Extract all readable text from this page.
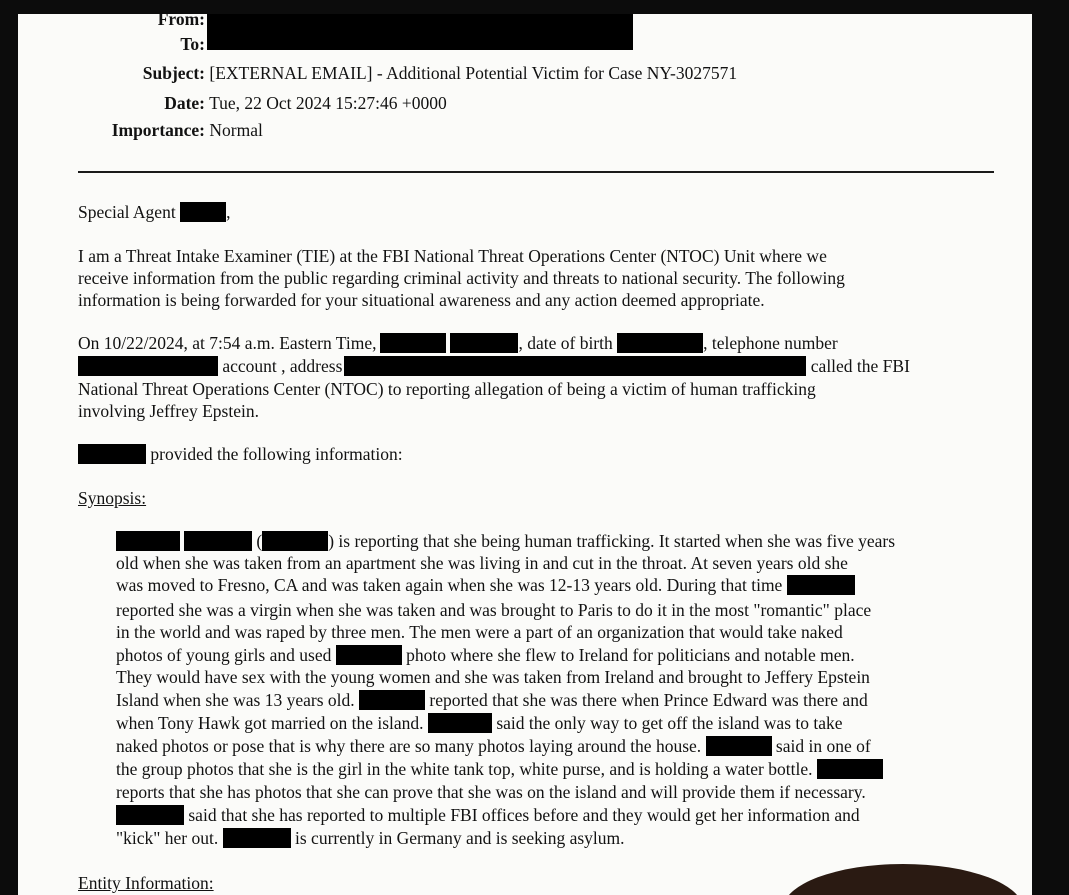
From:
To:
Subject: [EXTERNAL EMAIL] - Additional Potential Victim for Case NY-3027571
Date: Tue, 22 Oct 2024 15:27:46 +0000
Importance: Normal
Special Agent	,
I am a Threat Intake Examiner (TIE) at the FBI National Threat Operations Center (NTOC) Unit where we
receive information from the public regarding criminal activity and threats to national security. The following
information is being forwarded for your situational awareness and any action deemed appropriate.
On 10/22/2024, at 7:54 a.m. Eastern Time,	, date of birth	, telephone number
account , address	called the FBI
National Threat Operations Center (NTOC) to reporting allegation of being a victim of human trafficking
involving Jeffrey Epstein.
provided the following information:
Synopsis:
(	) is reporting that she being human trafficking. It started when she was five years
old when she was taken from an apartment she was living in and cut in the throat. At seven years old she
was moved to Fresno, CA and was taken again when she was 12-13 years old. During that time
reported she was a virgin when she was taken and was brought to Paris to do it in the most "romantic" place
in the world and was raped by three men. The men were a part of an organization that would take naked
photos of young girls and used	photo where she flew to Ireland for politicians and notable men.
They would have sex with the young women and she was taken from Ireland and brought to Jeffery Epstein
Island when she was 13 years old.	reported that she was there when Prince Edward was there and
when Tony Hawk got married on the island.	said the only way to get off the island was to take
naked photos or pose that is why there are so many photos laying around the house.	said in one of
the group photos that she is the girl in the white tank top, white purse, and is holding a water bottle.
reports that she has photos that she can prove that she was on the island and will provide them if necessary.
said that she has reported to multiple FBI offices before and they would get her information and
"kick" her out.	is currently in Germany and is seeking asylum.
Entity Information:
